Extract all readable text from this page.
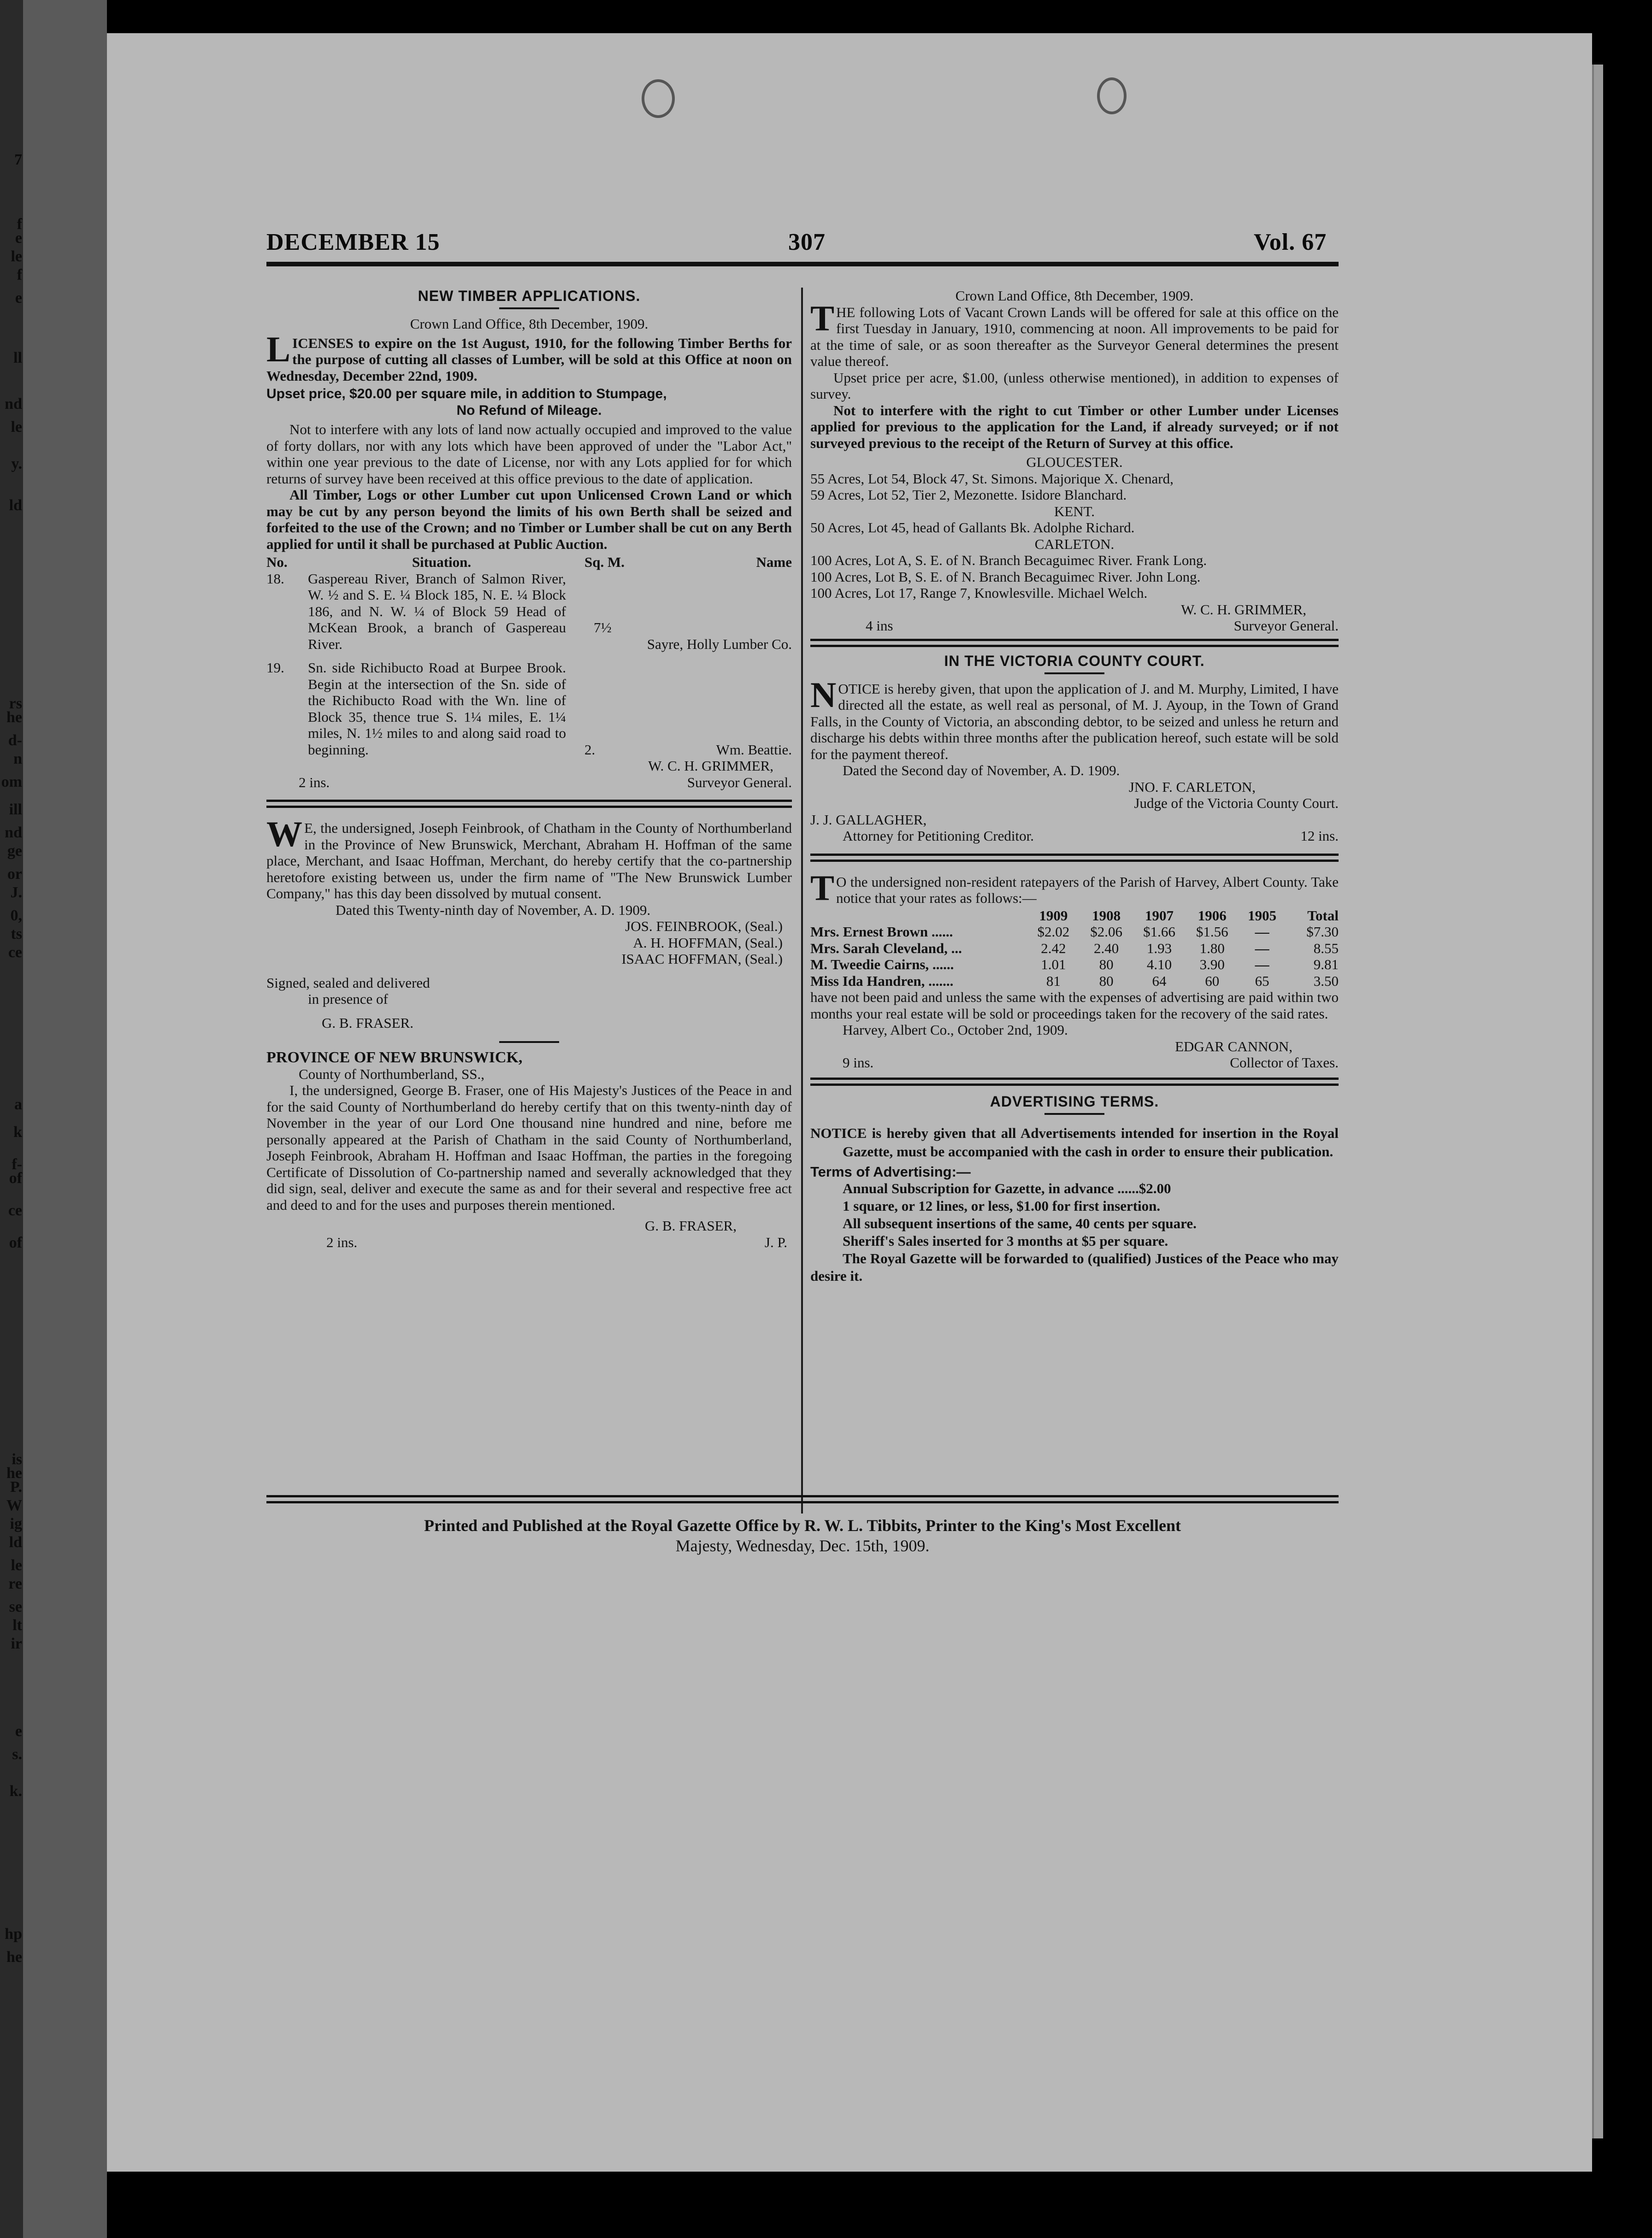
7
f
e
le
f
e
ll
nd
le
y.
ld
rs
he
d-
n
om
ill
nd
ge
or
J.
0,
ts
ce
a
k
f-
of
ce
of
is
he
P.
W
ig
ld
le
re
se
lt
ir
e
s.
k.
hp
he
DECEMBER 15	307	Vol. 67
NEW TIMBER APPLICATIONS.
Crown Land Office, 8th December, 1909.
LICENSES to expire on the 1st August, 1910, for the following Timber Berths for the purpose of cutting all classes of Lumber, will be sold at this Office at noon on Wednesday, December 22nd, 1909.
Upset price, $20.00 per square mile, in addition to Stumpage,
No Refund of Mileage.
Not to interfere with any lots of land now actually occupied and improved to the value of forty dollars, nor with any lots which have been approved of under the "Labor Act," within one year previous to the date of License, nor with any Lots applied for for which returns of survey have been received at this office previous to the date of application.
All Timber, Logs or other Lumber cut upon Unlicensed Crown Land or which may be cut by any person beyond the limits of his own Berth shall be seized and forfeited to the use of the Crown; and no Timber or Lumber shall be cut on any Berth applied for until it shall be purchased at Public Auction.
No.	Situation.	Sq. M.	Name
18.	Gaspereau River, Branch of Salmon River, W. ½ and S. E. ¼ Block 185, N. E. ¼ Block 186, and N. W. ¼ of Block 59 Head of McKean Brook, a branch of Gaspereau River.	7½	Sayre, Holly Lumber Co.
19.	Sn. side Richibucto Road at Burpee Brook. Begin at the intersection of the Sn. side of the Richibucto Road with the Wn. line of Block 35, thence true S. 1¼ miles, E. 1¼ miles, N. 1½ miles to and along said road to beginning.	2.	Wm. Beattie.
W. C. H. GRIMMER,
2 ins.	Surveyor General.
W E, the undersigned, Joseph Feinbrook, of Chatham in the County of Northumberland in the Province of New Brunswick, Merchant, Abraham H. Hoffman of the same place, Merchant, and Isaac Hoffman, Merchant, do hereby certify that the co-partnership heretofore existing between us, under the firm name of "The New Brunswick Lumber Company," has this day been dissolved by mutual consent.
Dated this Twenty-ninth day of November, A. D. 1909.
JOS. FEINBROOK, (Seal.)
A. H. HOFFMAN, (Seal.)
ISAAC HOFFMAN, (Seal.)
Signed, sealed and delivered
in presence of
G. B. FRASER.
PROVINCE OF NEW BRUNSWICK,
County of Northumberland, SS.,
I, the undersigned, George B. Fraser, one of His Majesty's Justices of the Peace in and for the said County of Northumberland do hereby certify that on this twenty-ninth day of November in the year of our Lord One thousand nine hundred and nine, before me personally appeared at the Parish of Chatham in the said County of Northumberland, Joseph Feinbrook, Abraham H. Hoffman and Isaac Hoffman, the parties in the foregoing Certificate of Dissolution of Co-partnership named and severally acknowledged that they did sign, seal, deliver and execute the same as and for their several and respective free act and deed to and for the uses and purposes therein mentioned.
G. B. FRASER,
2 ins.	J. P.
Crown Land Office, 8th December, 1909.
THE following Lots of Vacant Crown Lands will be offered for sale at this office on the first Tuesday in January, 1910, commencing at noon. All improvements to be paid for at the time of sale, or as soon thereafter as the Surveyor General determines the present value thereof.
Upset price per acre, $1.00, (unless otherwise mentioned), in addition to expenses of survey.
Not to interfere with the right to cut Timber or other Lumber under Licenses applied for previous to the application for the Land, if already surveyed; or if not surveyed previous to the receipt of the Return of Survey at this office.
GLOUCESTER.
55 Acres, Lot 54, Block 47, St. Simons. Majorique X. Chenard,
59 Acres, Lot 52, Tier 2, Mezonette. Isidore Blanchard.
KENT.
50 Acres, Lot 45, head of Gallants Bk. Adolphe Richard.
CARLETON.
100 Acres, Lot A, S. E. of N. Branch Becaguimec River. Frank Long.
100 Acres, Lot B, S. E. of N. Branch Becaguimec River. John Long.
100 Acres, Lot 17, Range 7, Knowlesville. Michael Welch.
W. C. H. GRIMMER,
4 ins	Surveyor General.
IN THE VICTORIA COUNTY COURT.
NOTICE is hereby given, that upon the application of J. and M. Murphy, Limited, I have directed all the estate, as well real as personal, of M. J. Ayoup, in the Town of Grand Falls, in the County of Victoria, an absconding debtor, to be seized and unless he return and discharge his debts within three months after the publication hereof, such estate will be sold for the payment thereof.
Dated the Second day of November, A. D. 1909.
JNO. F. CARLETON,
Judge of the Victoria County Court.
J. J. GALLAGHER,
Attorney for Petitioning Creditor.	12 ins.
T O the undersigned non-resident ratepayers of the Parish of Harvey, Albert County. Take notice that your rates as follows:—
	1909	1908	1907	1906	1905	Total
Mrs. Ernest Brown ......	$2.02	$2.06	$1.66	$1.56	—	$7.30
Mrs. Sarah Cleveland, ...	2.42	2.40	1.93	1.80	—	8.55
M. Tweedie Cairns, ......	1.01	80	4.10	3.90	—	9.81
Miss Ida Handren, .......	81	80	64	60	65	3.50
have not been paid and unless the same with the expenses of advertising are paid within two months your real estate will be sold or proceedings taken for the recovery of the said rates.
Harvey, Albert Co., October 2nd, 1909.
EDGAR CANNON,
9 ins.	Collector of Taxes.
ADVERTISING TERMS.
NOTICE is hereby given that all Advertisements intended for insertion in the Royal Gazette, must be accompanied with the cash in order to ensure their publication.
Terms of Advertising:—
Annual Subscription for Gazette, in advance ......$2.00
1 square, or 12 lines, or less, $1.00 for first insertion.
All subsequent insertions of the same, 40 cents per square.
Sheriff's Sales inserted for 3 months at $5 per square.
The Royal Gazette will be forwarded to (qualified) Justices of the Peace who may desire it.
Printed and Published at the Royal Gazette Office by R. W. L. Tibbits, Printer to the King's Most Excellent
Majesty, Wednesday, Dec. 15th, 1909.
